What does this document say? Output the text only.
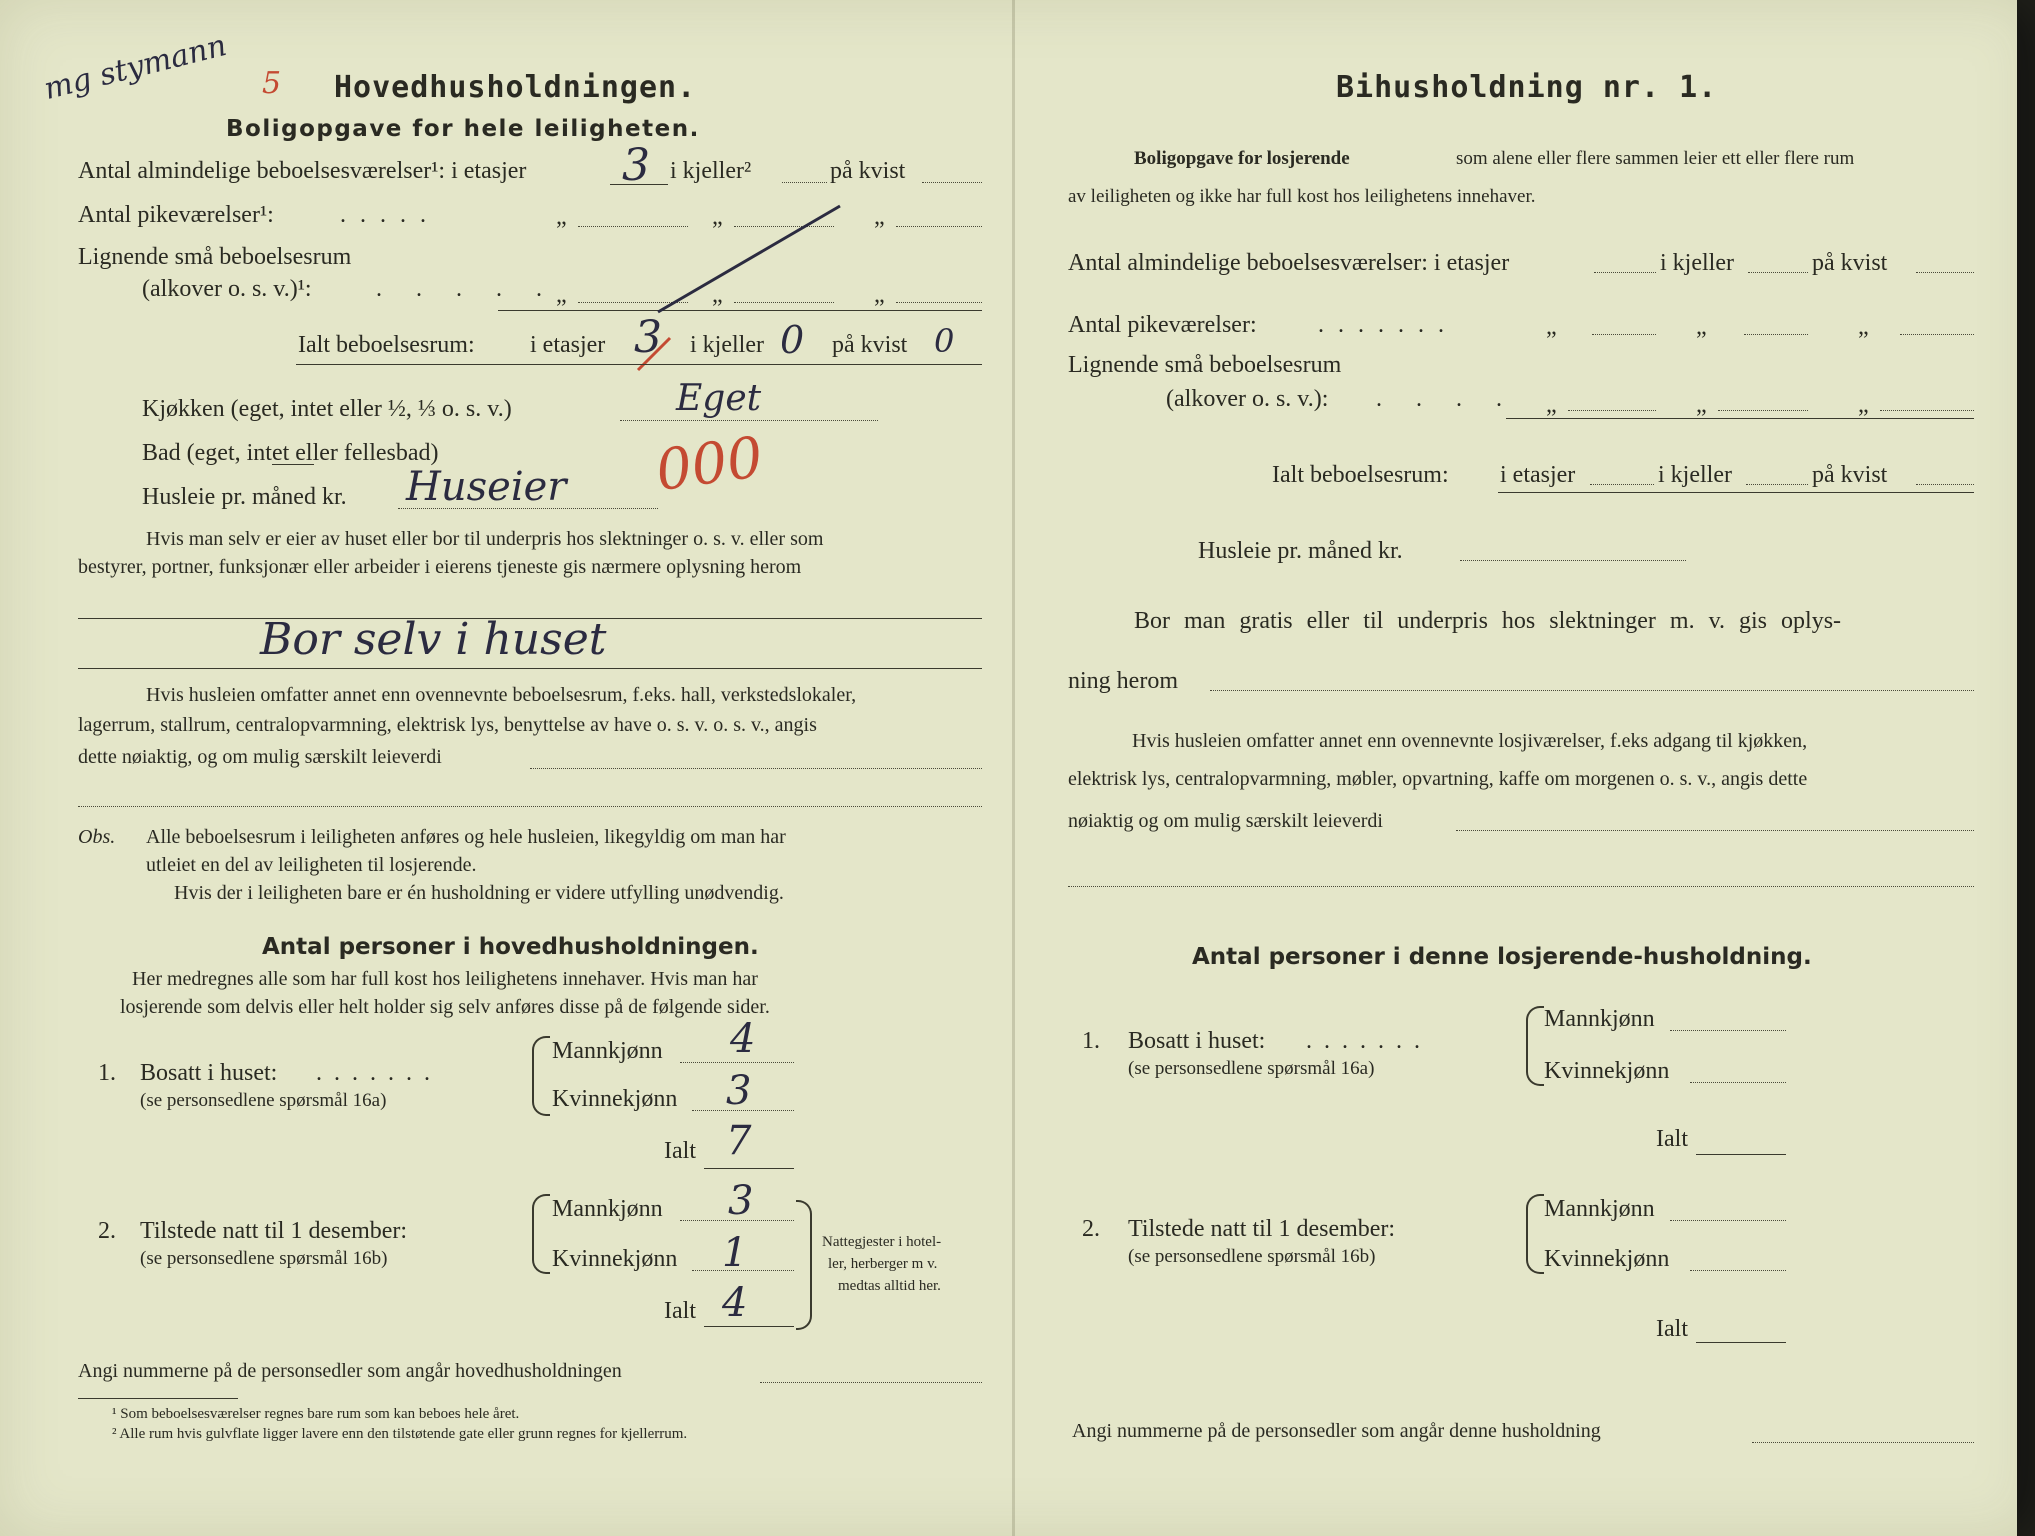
mg stymann 5 Hovedhusholdningen.
Boligopgave for hele leiligheten.
Antal almindelige beboelsesværelser¹: i etasjer 3 i kjeller²	på kvist
Antal pikeværelser¹:	.....	„	„	„
Lignende små beboelsesrum
(alkover o. s. v.)¹:	. . . . . „	„	„
Ialt beboelsesrum: i etasjer 3 i kjeller 0 på kvist 0
Kjøkken (eget, intet eller ½, ⅓ o. s. v.)	Eget
Bad (eget, intet eller fellesbad)
Husleie pr. måned kr. Huseier 000
Hvis man selv er eier av huset eller bor til underpris hos slektninger o. s. v. eller som
bestyrer, portner, funksjonær eller arbeider i eierens tjeneste gis nærmere oplysning herom
Bor selv i huset
Hvis husleien omfatter annet enn ovennevnte beboelsesrum, f.eks. hall, verkstedslokaler,
lagerrum, stallrum, centralopvarmning, elektrisk lys, benyttelse av have o. s. v. o. s. v., angis
dette nøiaktig, og om mulig særskilt leieverdi
Obs. Alle beboelsesrum i leiligheten anføres og hele husleien, likegyldig om man har
utleiet en del av leiligheten til losjerende.
Hvis der i leiligheten bare er én husholdning er videre utfylling unødvendig.
Antal personer i hovedhusholdningen.
Her medregnes alle som har full kost hos leilighetens innehaver. Hvis man har
losjerende som delvis eller helt holder sig selv anføres disse på de følgende sider.
1. Bosatt i huset: .......
(se personsedlene spørsmål 16a)
Mannkjønn 4
Kvinnekjønn 3
Ialt 7
2. Tilstede natt til 1 desember:
(se personsedlene spørsmål 16b)
Mannkjønn 3
Kvinnekjønn 1
Ialt 4
Nattegjester i hotel-
ler, herberger m v.
medtas alltid her.
Angi nummerne på de personsedler som angår hovedhusholdningen
¹ Som beboelsesværelser regnes bare rum som kan beboes hele året.
² Alle rum hvis gulvflate ligger lavere enn den tilstøtende gate eller grunn regnes for kjellerrum.
Bihusholdning nr. 1.
Boligopgave for losjerende	som alene eller flere sammen leier ett eller flere rum
av leiligheten og ikke har full kost hos leilighetens innehaver.
Antal almindelige beboelsesværelser: i etasjer	i kjeller	på kvist
Antal pikeværelser:	.......	„	„	„
Lignende små beboelsesrum
(alkover o. s. v.): . . . . „	„	„
Ialt beboelsesrum: i etasjer	i kjeller	på kvist
Husleie pr. måned kr.
Bor man gratis eller til underpris hos slektninger m. v. gis oplys-
ning herom
Hvis husleien omfatter annet enn ovennevnte losjiværelser, f.eks adgang til kjøkken,
elektrisk lys, centralopvarmning, møbler, opvartning, kaffe om morgenen o. s. v., angis dette
nøiaktig og om mulig særskilt leieverdi
Antal personer i denne losjerende-husholdning.
1. Bosatt i huset: .......
(se personsedlene spørsmål 16a)
Mannkjønn
Kvinnekjønn
Ialt
2. Tilstede natt til 1 desember:
(se personsedlene spørsmål 16b)
Mannkjønn
Kvinnekjønn
Ialt
Angi nummerne på de personsedler som angår denne husholdning
